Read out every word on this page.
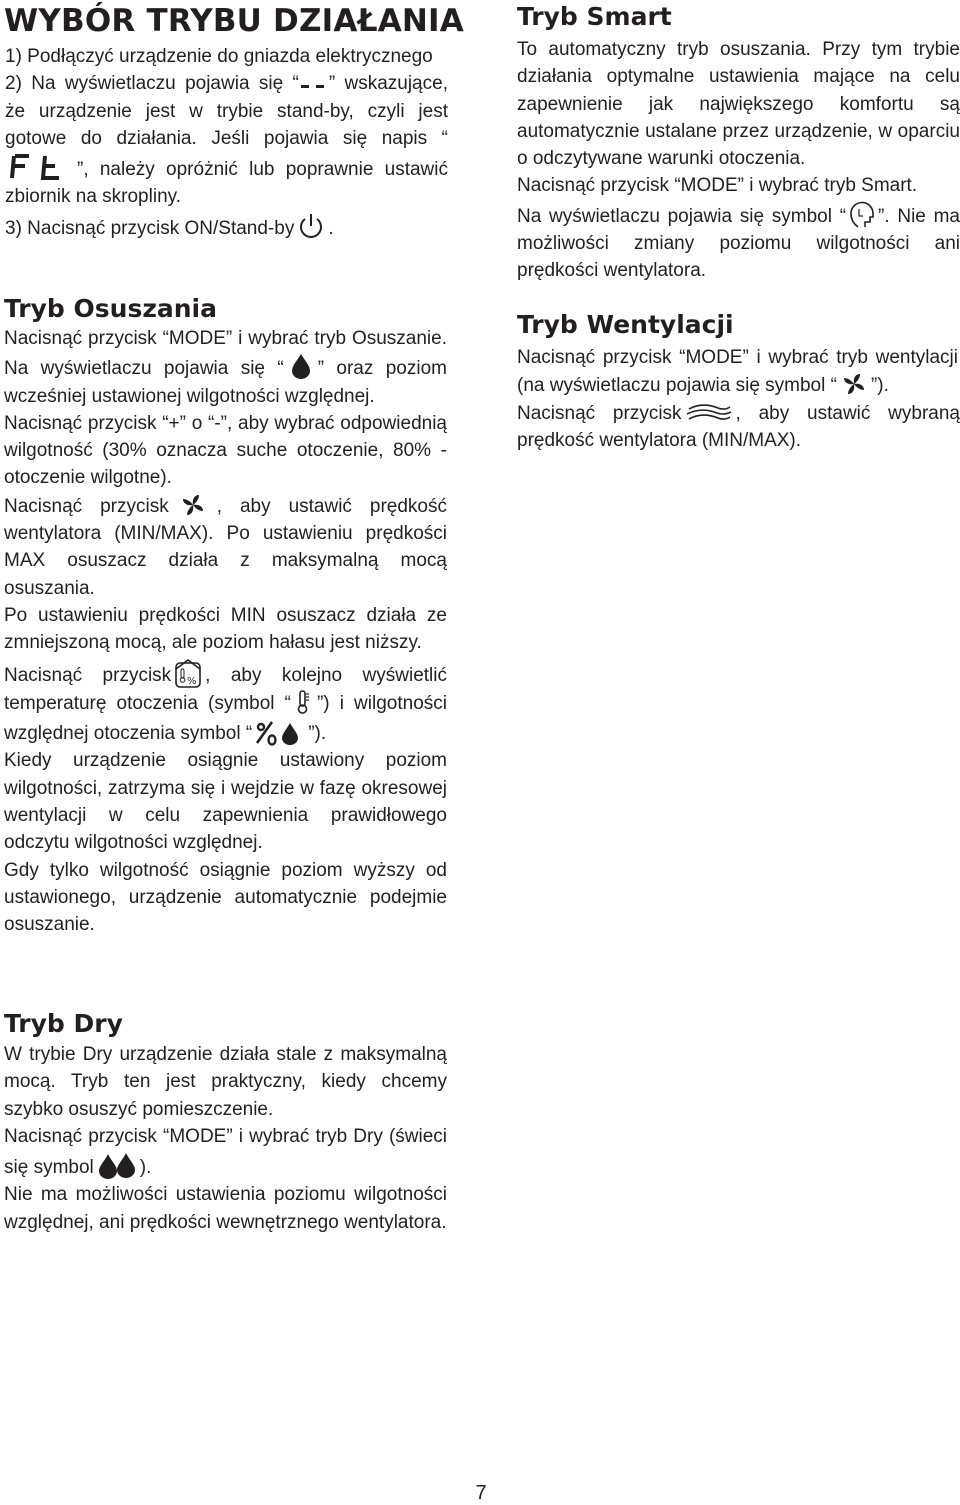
WYBÓR TRYBU DZIAŁANIA

1) Podłączyć urządzenie do gniazda elektrycznego

2) Na wyświetlaczu pojawia się “ ” wskazujące, że urządzenie jest w trybie stand-by, czyli jest gotowe do działania. Jeśli pojawia się napis “”, należy opróżnić lub poprawnie ustawić zbiornik na skropliny.

3) Nacisnąć przycisk ON/Stand-by .

Tryb Osuszania

Nacisnąć przycisk “MODE” i wybrać tryb Osuszanie. Na wyświetlaczu pojawia się “ ” oraz poziom wcześniej ustawionej wilgotności względnej.

Nacisnąć przycisk “+” o “-”, aby wybrać odpowiednią wilgotność (30% oznacza suche otoczenie, 80% - otoczenie wilgotne).

Nacisnąć przycisk	, aby ustawić prędkość wentylatora (MIN/MAX). Po ustawieniu prędkości MAX osuszacz działa z maksymalną mocą osuszania.

Po ustawieniu prędkości MIN osuszacz działa ze zmniejszoną mocą, ale poziom hałasu jest niższy.

Nacisnąć przycisk % , aby kolejno wyświetlić temperaturę otoczenia (symbol “ ”) i wilgotności względnej otoczenia symbol “	”).

Kiedy urządzenie osiągnie ustawiony poziom wilgotności, zatrzyma się i wejdzie w fazę okresowej wentylacji w celu zapewnienia prawidłowego odczytu wilgotności względnej.

Gdy tylko wilgotność osiągnie poziom wyższy od ustawionego, urządzenie automatycznie podejmie osuszanie.

Tryb Dry

W trybie Dry urządzenie działa stale z maksymalną mocą. Tryb ten jest praktyczny, kiedy chcemy szybko osuszyć pomieszczenie.

Nacisnąć przycisk “MODE” i wybrać tryb Dry (świeci się symbol ).

Nie ma możliwości ustawienia poziomu wilgotności względnej, ani prędkości wewnętrznego wentylatora.

Tryb Smart

To automatyczny tryb osuszania. Przy tym trybie działania optymalne ustawienia mające na celu zapewnienie jak największego komfortu są automatycznie ustalane przez urządzenie, w oparciu o odczytywane warunki otoczenia.

Nacisnąć przycisk “MODE” i wybrać tryb Smart.

Na wyświetlaczu pojawia się symbol “ ”. Nie ma możliwości zmiany poziomu wilgotności ani prędkości wentylatora.

Tryb Wentylacji

Nacisnąć przycisk “MODE” i wybrać tryb wentylacji (na wyświetlaczu pojawia się symbol “ ”).

Nacisnąć przycisk	, aby ustawić wybraną prędkość wentylatora (MIN/MAX).

7
